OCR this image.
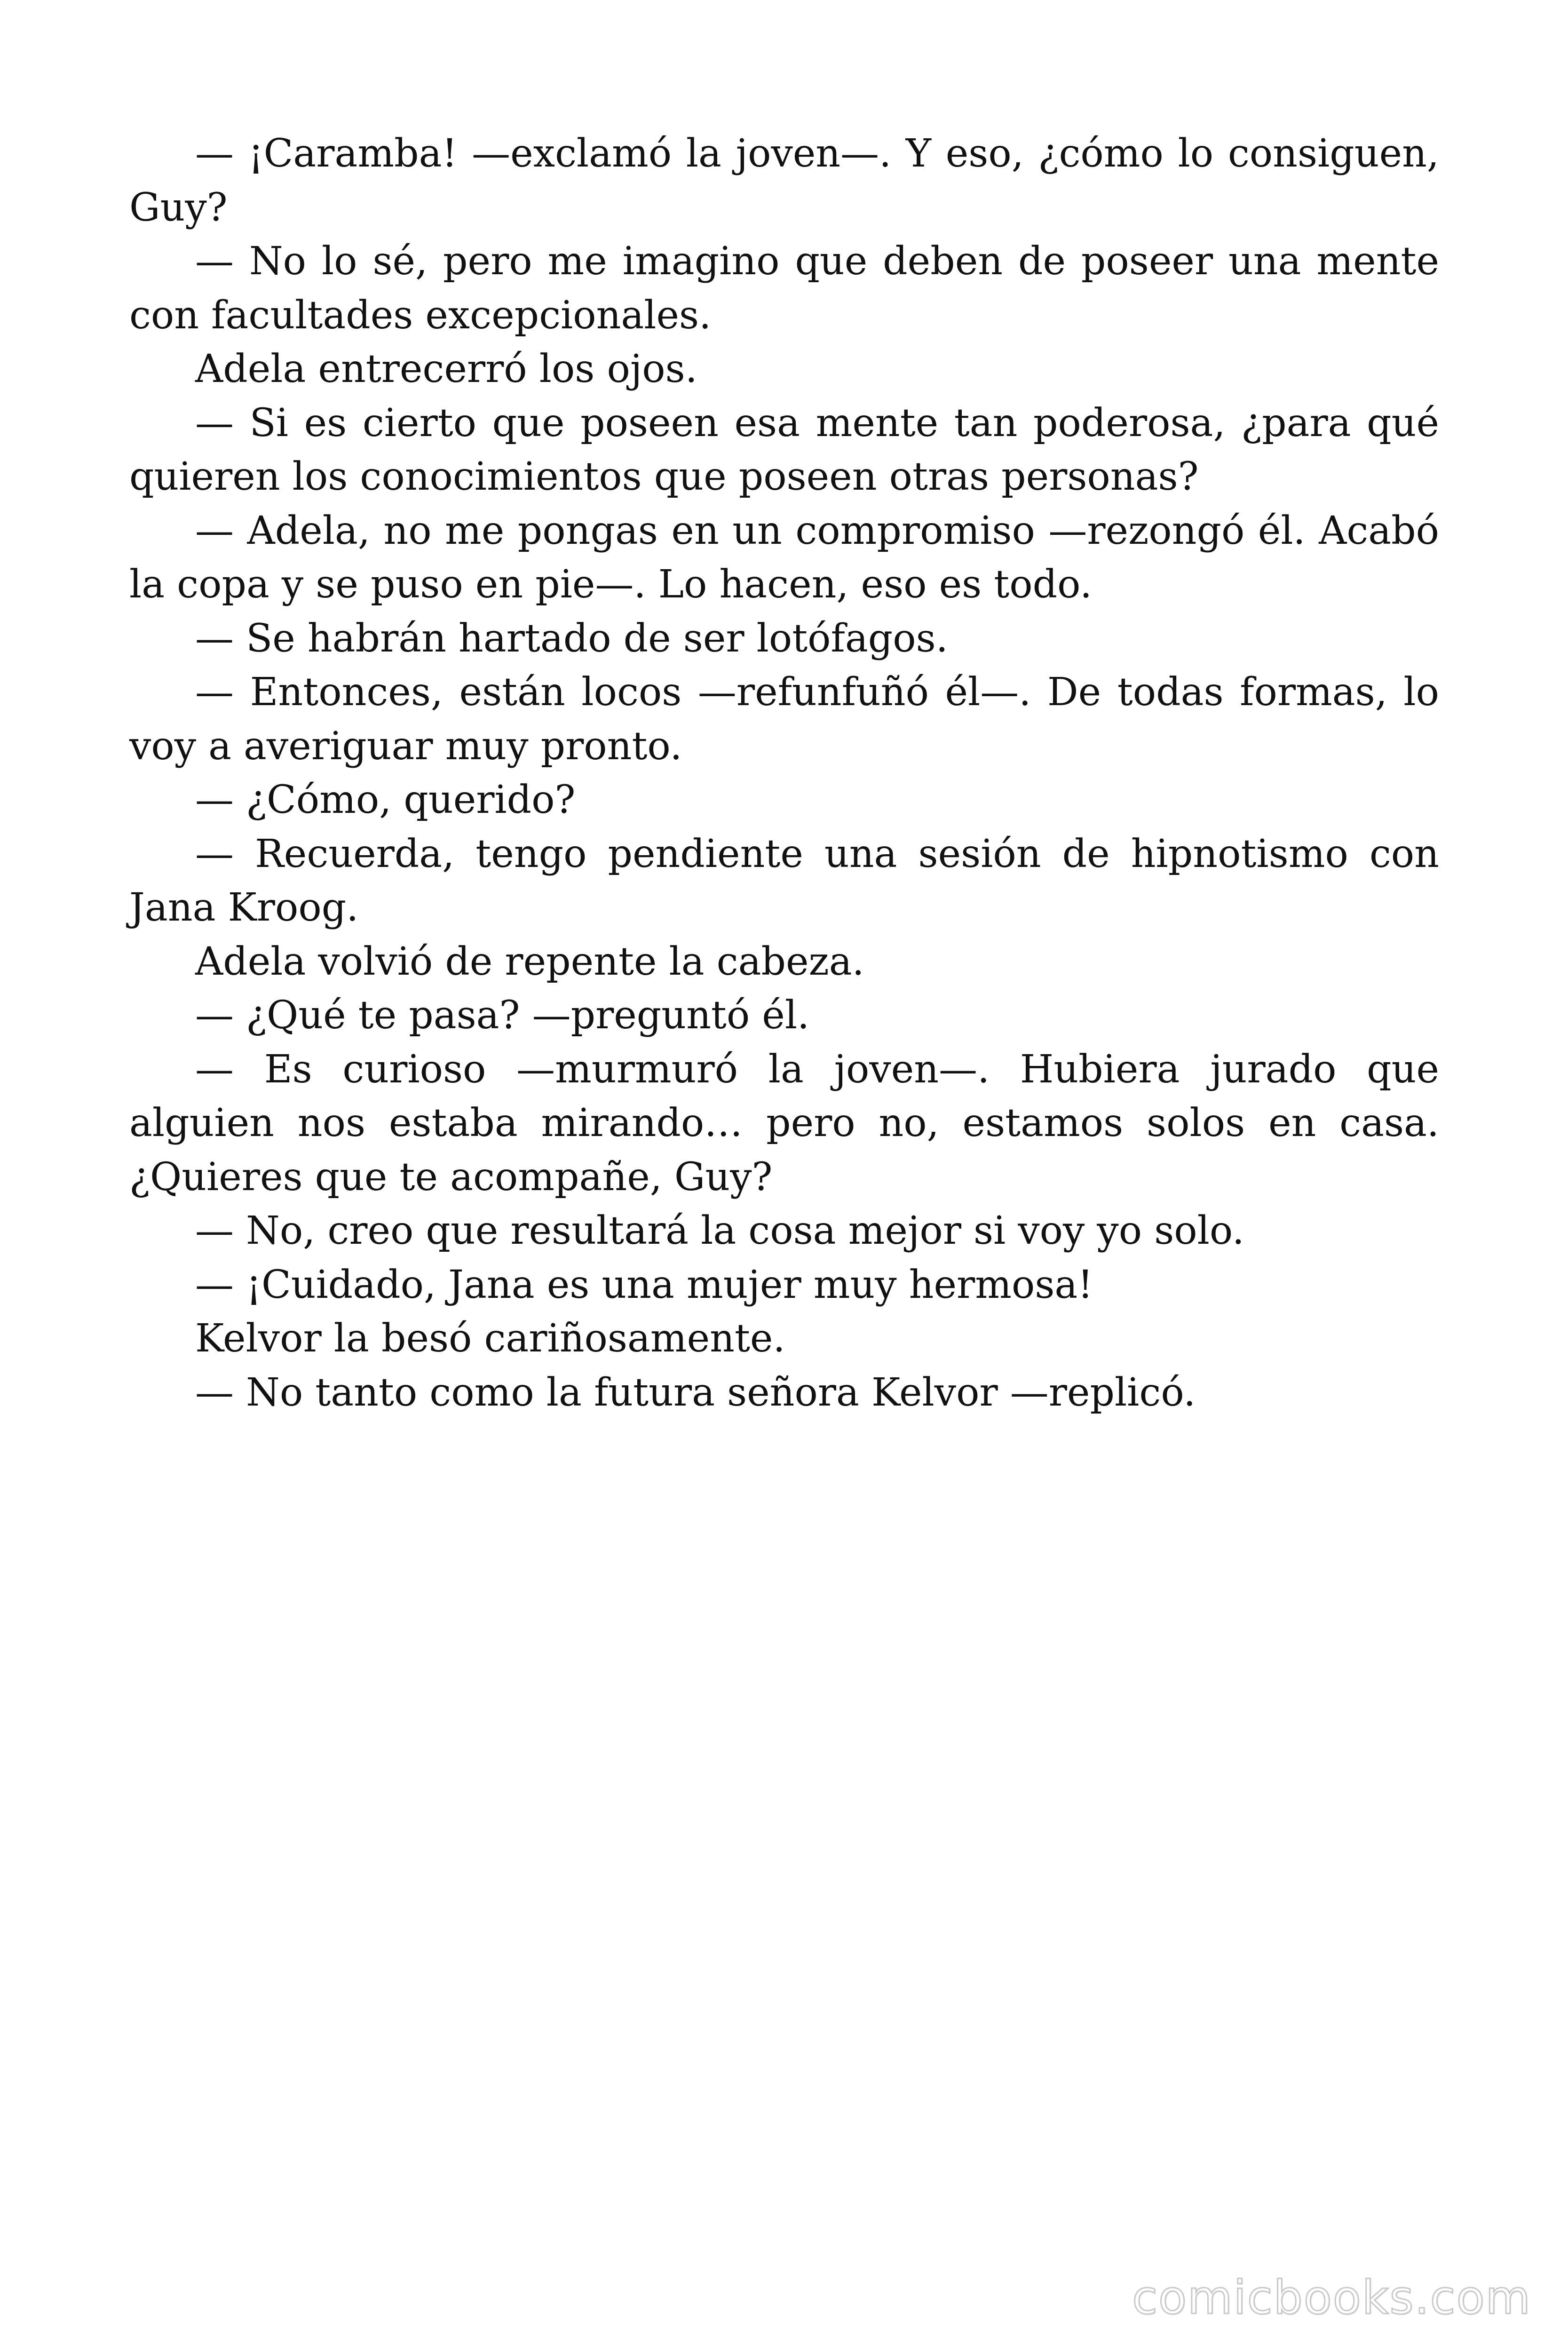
— ¡Caramba! —exclamó la joven—. Y eso, ¿cómo lo consiguen, Guy?

— No lo sé, pero me imagino que deben de poseer una mente con facultades excepcionales.

Adela entrecerró los ojos.

— Si es cierto que poseen esa mente tan poderosa, ¿para qué quieren los conocimientos que poseen otras personas?

— Adela, no me pongas en un compromiso —rezongó él. Acabó la copa y se puso en pie—. Lo hacen, eso es todo.

— Se habrán hartado de ser lotófagos.

— Entonces, están locos —refunfuñó él—. De todas formas, lo voy a averiguar muy pronto.

— ¿Cómo, querido?

— Recuerda, tengo pendiente una sesión de hipnotismo con Jana Kroog.

Adela volvió de repente la cabeza.

— ¿Qué te pasa? —preguntó él.

— Es curioso —murmuró la joven—. Hubiera jurado que alguien nos estaba mirando… pero no, estamos solos en casa. ¿Quieres que te acompañe, Guy?

— No, creo que resultará la cosa mejor si voy yo solo.

— ¡Cuidado, Jana es una mujer muy hermosa!

Kelvor la besó cariñosamente.

— No tanto como la futura señora Kelvor —replicó.

comicbooks.com
